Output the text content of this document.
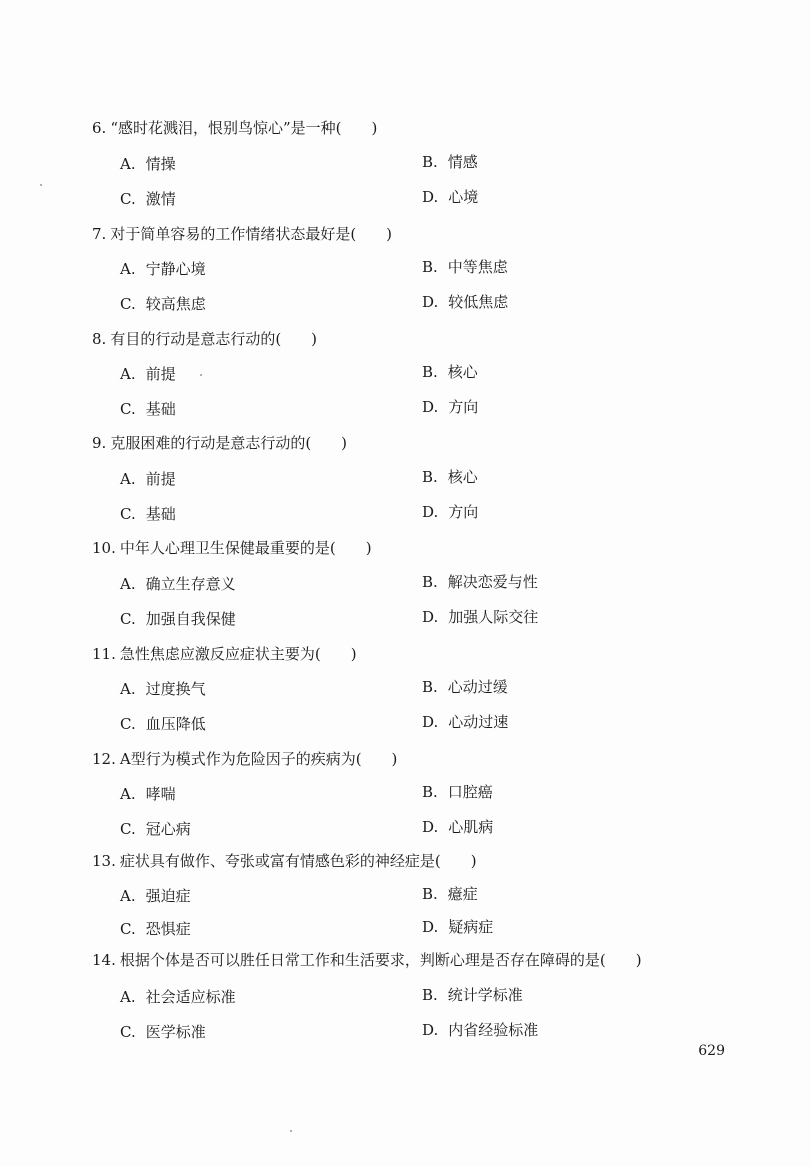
6. “感时花溅泪，恨别鸟惊心”是一种(　　)
A. 情操	B. 情感
C. 激情	D. 心境
7. 对于简单容易的工作情绪状态最好是(　　)
A. 宁静心境	B. 中等焦虑
C. 较高焦虑	D. 较低焦虑
8. 有目的行动是意志行动的(　　)
A. 前提	B. 核心
C. 基础	D. 方向
9. 克服困难的行动是意志行动的(　　)
A. 前提	B. 核心
C. 基础	D. 方向
10. 中年人心理卫生保健最重要的是(　　)
A. 确立生存意义	B. 解决恋爱与性
C. 加强自我保健	D. 加强人际交往
11. 急性焦虑应激反应症状主要为(　　)
A. 过度换气	B. 心动过缓
C. 血压降低	D. 心动过速
12. A型行为模式作为危险因子的疾病为(　　)
A. 哮喘	B. 口腔癌
C. 冠心病	D. 心肌病
13. 症状具有做作、夸张或富有情感色彩的神经症是(　　)
A. 强迫症	B. 癔症
C. 恐惧症	D. 疑病症
14. 根据个体是否可以胜任日常工作和生活要求，判断心理是否存在障碍的是(　　)
A. 社会适应标准	B. 统计学标准
C. 医学标准	D. 内省经验标准
629
